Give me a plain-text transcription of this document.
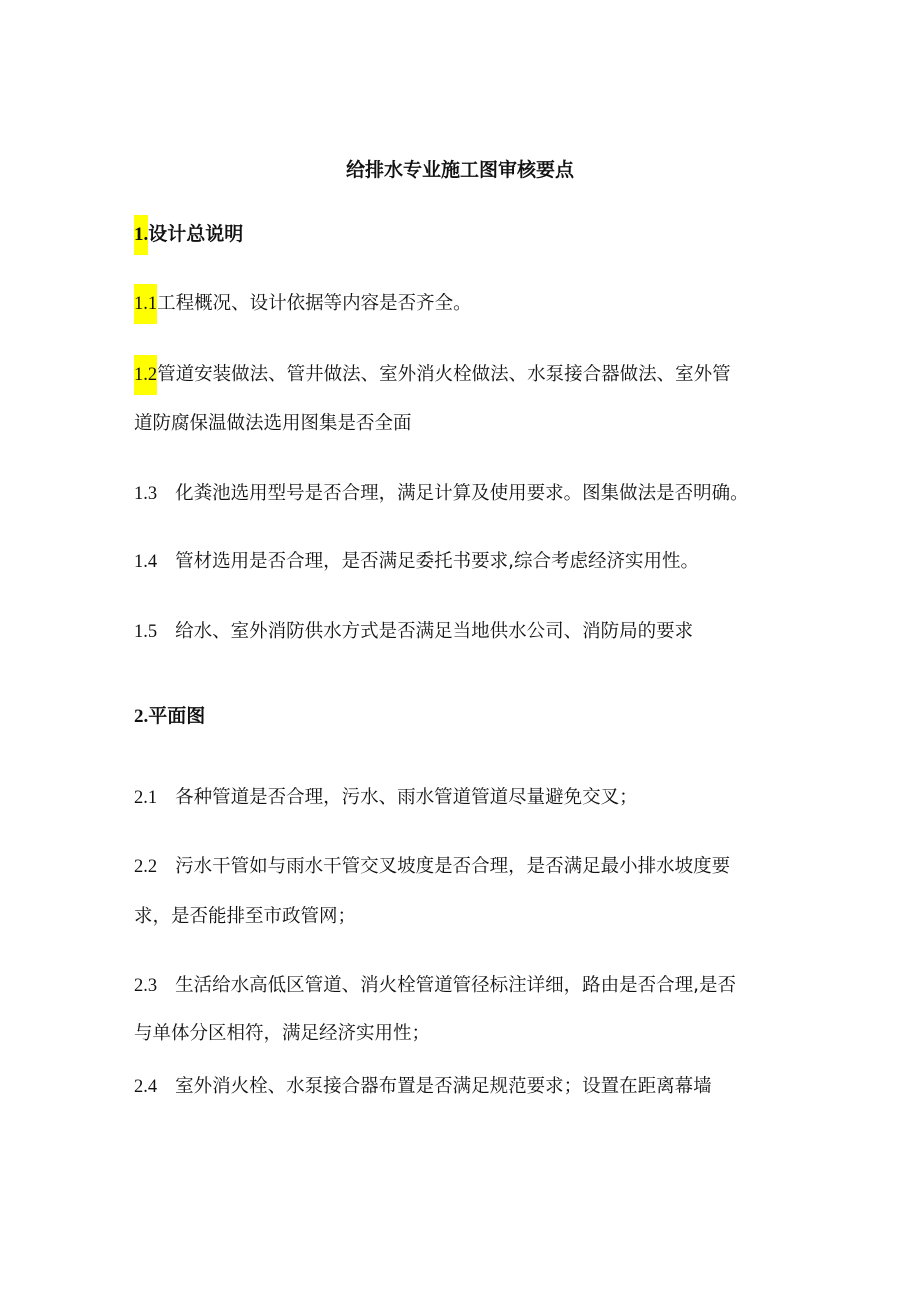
给排水专业施工图审核要点
1.设计总说明
1.1工程概况、设计依据等内容是否齐全。
1.2管道安装做法、管井做法、室外消火栓做法、水泵接合器做法、室外管
道防腐保温做法选用图集是否全面
1.3 化粪池选用型号是否合理，满足计算及使用要求。图集做法是否明确。
1.4 管材选用是否合理，是否满足委托书要求,综合考虑经济实用性。
1.5 给水、室外消防供水方式是否满足当地供水公司、消防局的要求
2.平面图
2.1 各种管道是否合理，污水、雨水管道管道尽量避免交叉；
2.2 污水干管如与雨水干管交叉坡度是否合理，是否满足最小排水坡度要
求，是否能排至市政管网；
2.3 生活给水高低区管道、消火栓管道管径标注详细，路由是否合理,是否
与单体分区相符，满足经济实用性；
2.4 室外消火栓、水泵接合器布置是否满足规范要求；设置在距离幕墙
